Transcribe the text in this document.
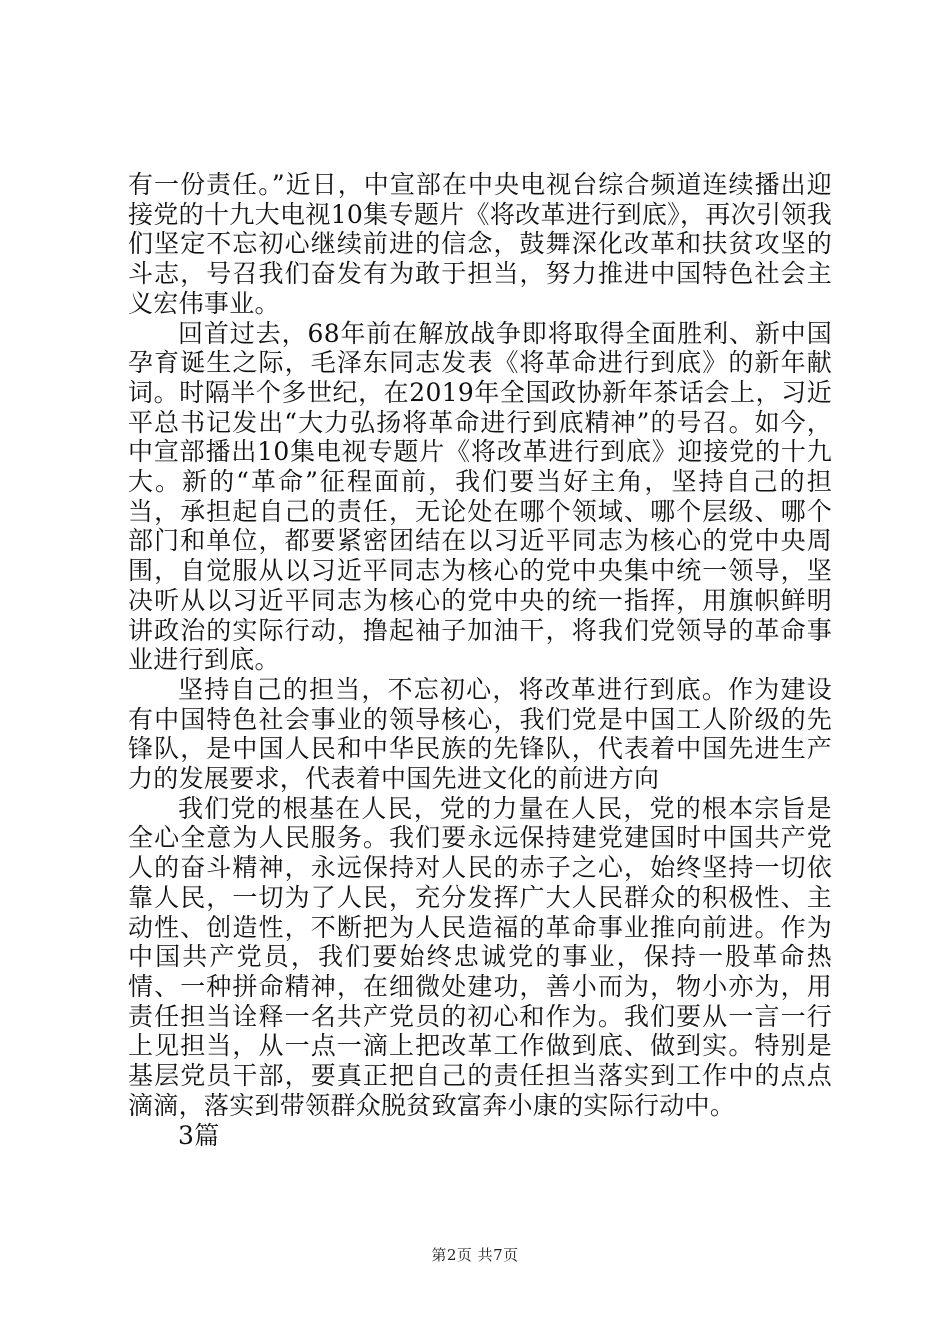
有一份责任。”近日，中宣部在中央电视台综合频道连续播出迎接党的十九大电视10集专题片《将改革进行到底》，再次引领我们坚定不忘初心继续前进的信念，鼓舞深化改革和扶贫攻坚的斗志，号召我们奋发有为敢于担当，努力推进中国特色社会主义宏伟事业。

回首过去，68年前在解放战争即将取得全面胜利、新中国孕育诞生之际，毛泽东同志发表《将革命进行到底》的新年献词。时隔半个多世纪，在2019年全国政协新年茶话会上，习近平总书记发出“大力弘扬将革命进行到底精神”的号召。如今，中宣部播出10集电视专题片《将改革进行到底》迎接党的十九大。新的“革命”征程面前，我们要当好主角，坚持自己的担当，承担起自己的责任，无论处在哪个领域、哪个层级、哪个部门和单位，都要紧密团结在以习近平同志为核心的党中央周围，自觉服从以习近平同志为核心的党中央集中统一领导，坚决听从以习近平同志为核心的党中央的统一指挥，用旗帜鲜明讲政治的实际行动，撸起袖子加油干，将我们党领导的革命事业进行到底。

坚持自己的担当，不忘初心，将改革进行到底。作为建设有中国特色社会事业的领导核心，我们党是中国工人阶级的先锋队，是中国人民和中华民族的先锋队，代表着中国先进生产力的发展要求，代表着中国先进文化的前进方向

我们党的根基在人民，党的力量在人民，党的根本宗旨是全心全意为人民服务。我们要永远保持建党建国时中国共产党人的奋斗精神，永远保持对人民的赤子之心，始终坚持一切依靠人民，一切为了人民，充分发挥广大人民群众的积极性、主动性、创造性，不断把为人民造福的革命事业推向前进。作为中国共产党员，我们要始终忠诚党的事业，保持一股革命热情、一种拼命精神，在细微处建功，善小而为，物小亦为，用责任担当诠释一名共产党员的初心和作为。我们要从一言一行上见担当，从一点一滴上把改革工作做到底、做到实。特别是基层党员干部，要真正把自己的责任担当落实到工作中的点点滴滴，落实到带领群众脱贫致富奔小康的实际行动中。

3篇

第2页 共7页
